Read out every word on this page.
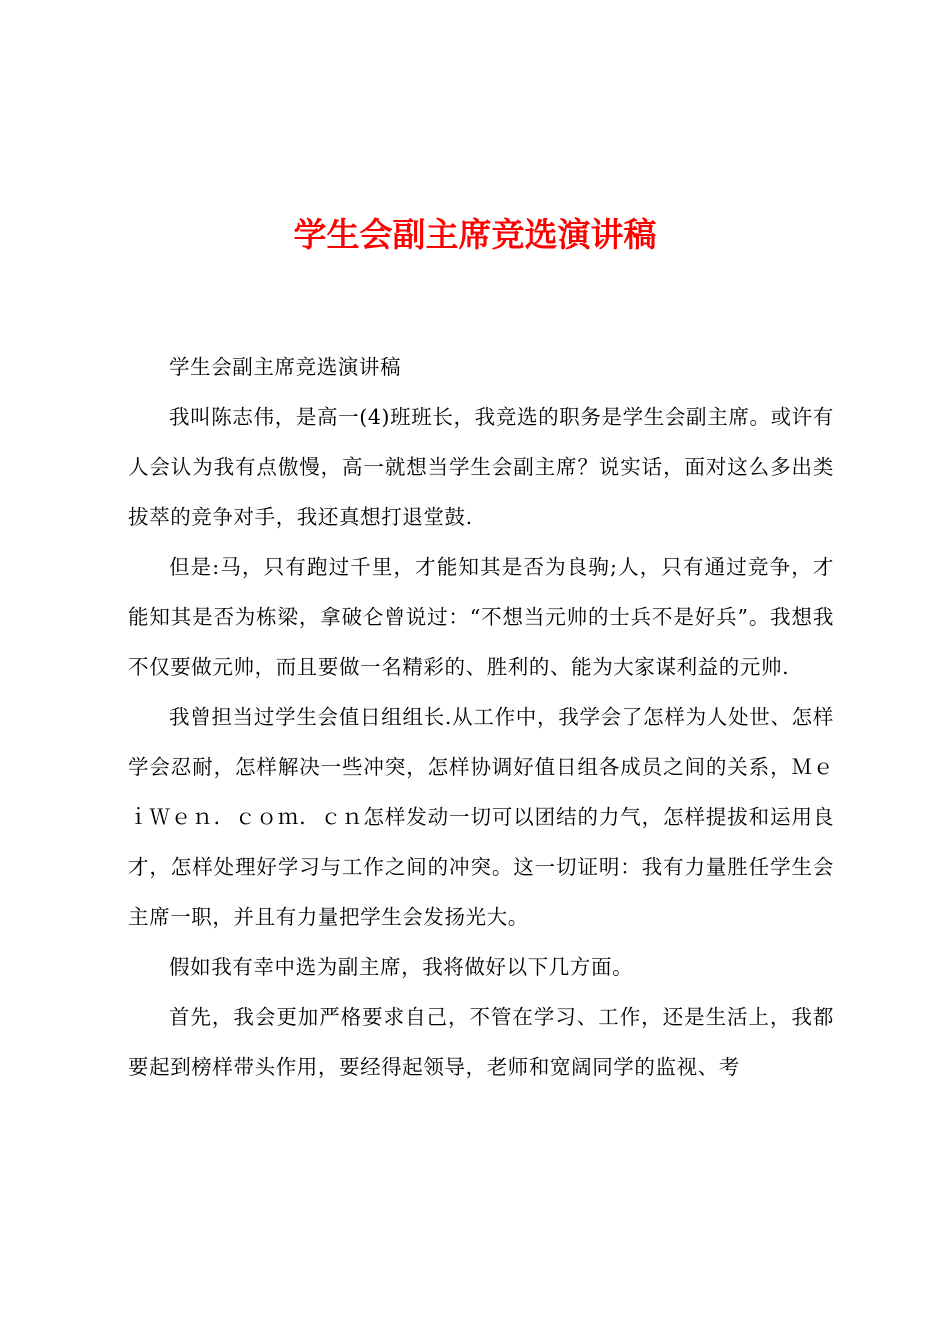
学生会副主席竞选演讲稿

学生会副主席竞选演讲稿

我叫陈志伟，是高一(4)班班长，我竞选的职务是学生会副主席。或许有人会认为我有点傲慢，高一就想当学生会副主席？说实话，面对这么多出类拔萃的竞争对手，我还真想打退堂鼓.

但是:马，只有跑过千里，才能知其是否为良驹;人，只有通过竞争，才能知其是否为栋梁，拿破仑曾说过：“不想当元帅的士兵不是好兵”。我想我不仅要做元帅，而且要做一名精彩的、胜利的、能为大家谋利益的元帅.

我曾担当过学生会值日组组长.从工作中，我学会了怎样为人处世、怎样学会忍耐，怎样解决一些冲突，怎样协调好值日组各成员之间的关系，ＭｅｉＷｅｎ．ｃｏｍ．ｃｎ怎样发动一切可以团结的力气，怎样提拔和运用良才，怎样处理好学习与工作之间的冲突。这一切证明：我有力量胜任学生会主席一职，并且有力量把学生会发扬光大。

假如我有幸中选为副主席，我将做好以下几方面。

首先，我会更加严格要求自己，不管在学习、工作，还是生活上，我都要起到榜样带头作用，要经得起领导，老师和宽阔同学的监视、考
